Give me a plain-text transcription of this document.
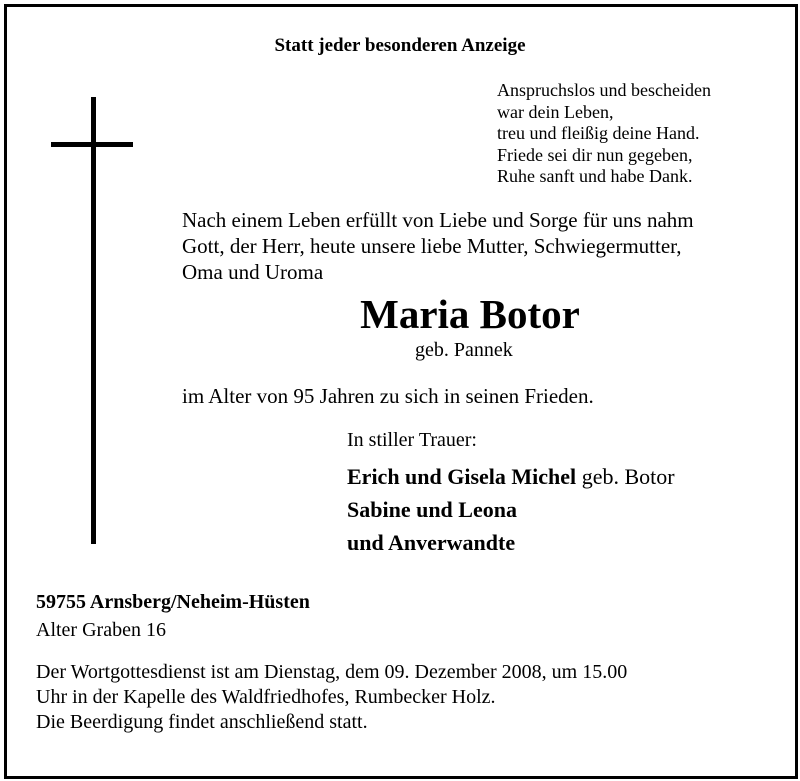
Statt jeder besonderen Anzeige
Anspruchslos und bescheiden
war dein Leben,
treu und fleißig deine Hand.
Friede sei dir nun gegeben,
Ruhe sanft und habe Dank.
Nach einem Leben erfüllt von Liebe und Sorge für uns nahm
Gott, der Herr, heute unsere liebe Mutter, Schwiegermutter,
Oma und Uroma
Maria Botor
geb. Pannek
im Alter von 95 Jahren zu sich in seinen Frieden.
In stiller Trauer:
Erich und Gisela Michel geb. Botor
Sabine und Leona
und Anverwandte
59755 Arnsberg/Neheim-Hüsten
Alter Graben 16
Der Wortgottesdienst ist am Dienstag, dem 09. Dezember 2008, um 15.00
Uhr in der Kapelle des Waldfriedhofes, Rumbecker Holz.
Die Beerdigung findet anschließend statt.
